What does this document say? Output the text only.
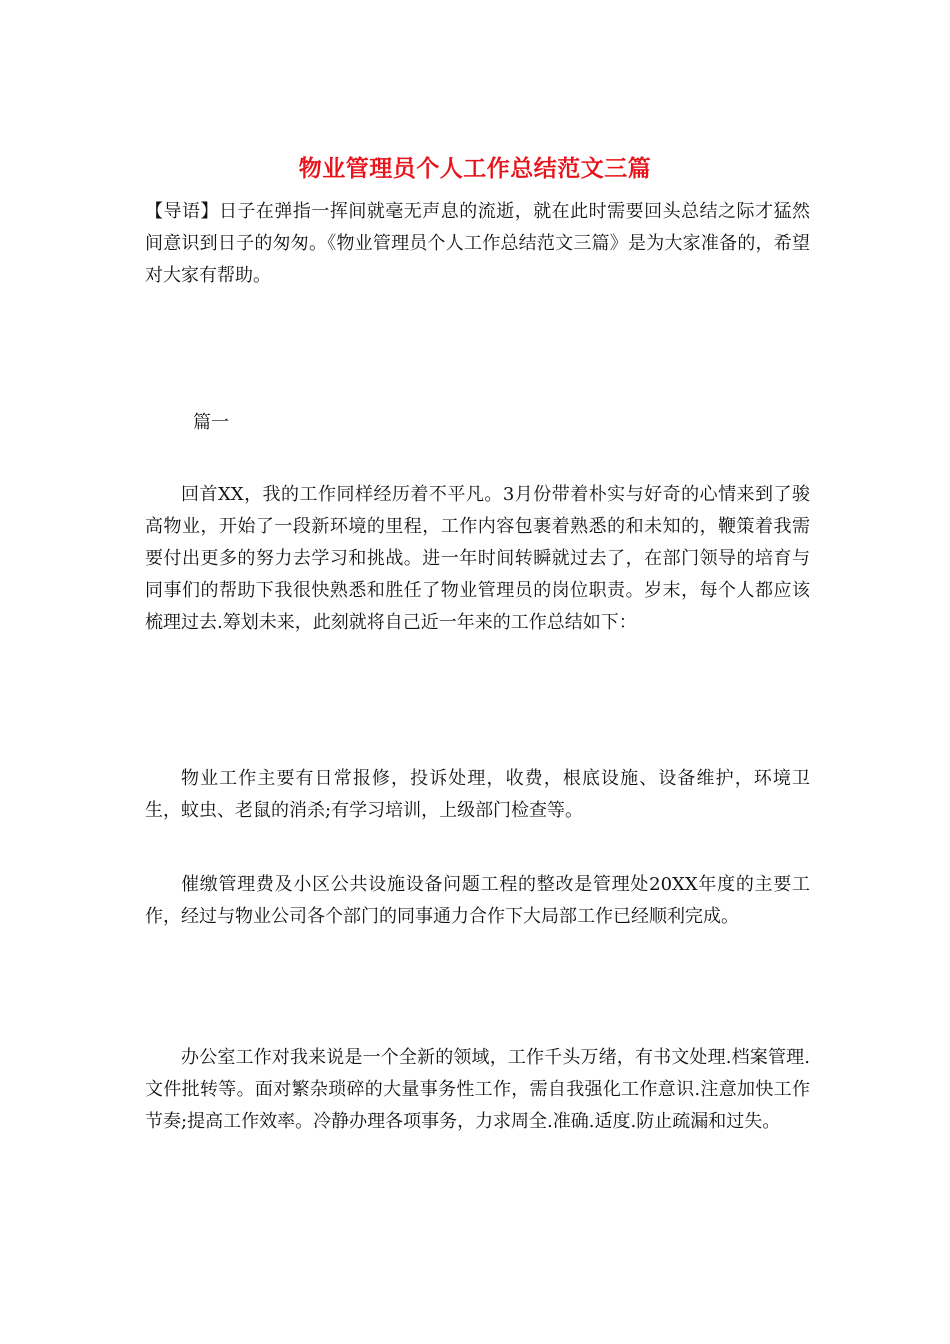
物业管理员个人工作总结范文三篇

【导语】日子在弹指一挥间就毫无声息的流逝，就在此时需要回头总结之际才猛然间意识到日子的匆匆。《物业管理员个人工作总结范文三篇》是为大家准备的，希望对大家有帮助。

篇一

回首XX，我的工作同样经历着不平凡。3月份带着朴实与好奇的心情来到了骏高物业，开始了一段新环境的里程，工作内容包裹着熟悉的和未知的，鞭策着我需要付出更多的努力去学习和挑战。进一年时间转瞬就过去了，在部门领导的培育与同事们的帮助下我很快熟悉和胜任了物业管理员的岗位职责。岁末，每个人都应该梳理过去.筹划未来，此刻就将自己近一年来的工作总结如下：

物业工作主要有日常报修，投诉处理，收费，根底设施、设备维护，环境卫生，蚊虫、老鼠的消杀;有学习培训，上级部门检查等。

催缴管理费及小区公共设施设备问题工程的整改是管理处20XX年度的主要工作，经过与物业公司各个部门的同事通力合作下大局部工作已经顺利完成。

办公室工作对我来说是一个全新的领域，工作千头万绪，有书文处理.档案管理.文件批转等。面对繁杂琐碎的大量事务性工作，需自我强化工作意识.注意加快工作节奏;提高工作效率。冷静办理各项事务，力求周全.准确.适度.防止疏漏和过失。
